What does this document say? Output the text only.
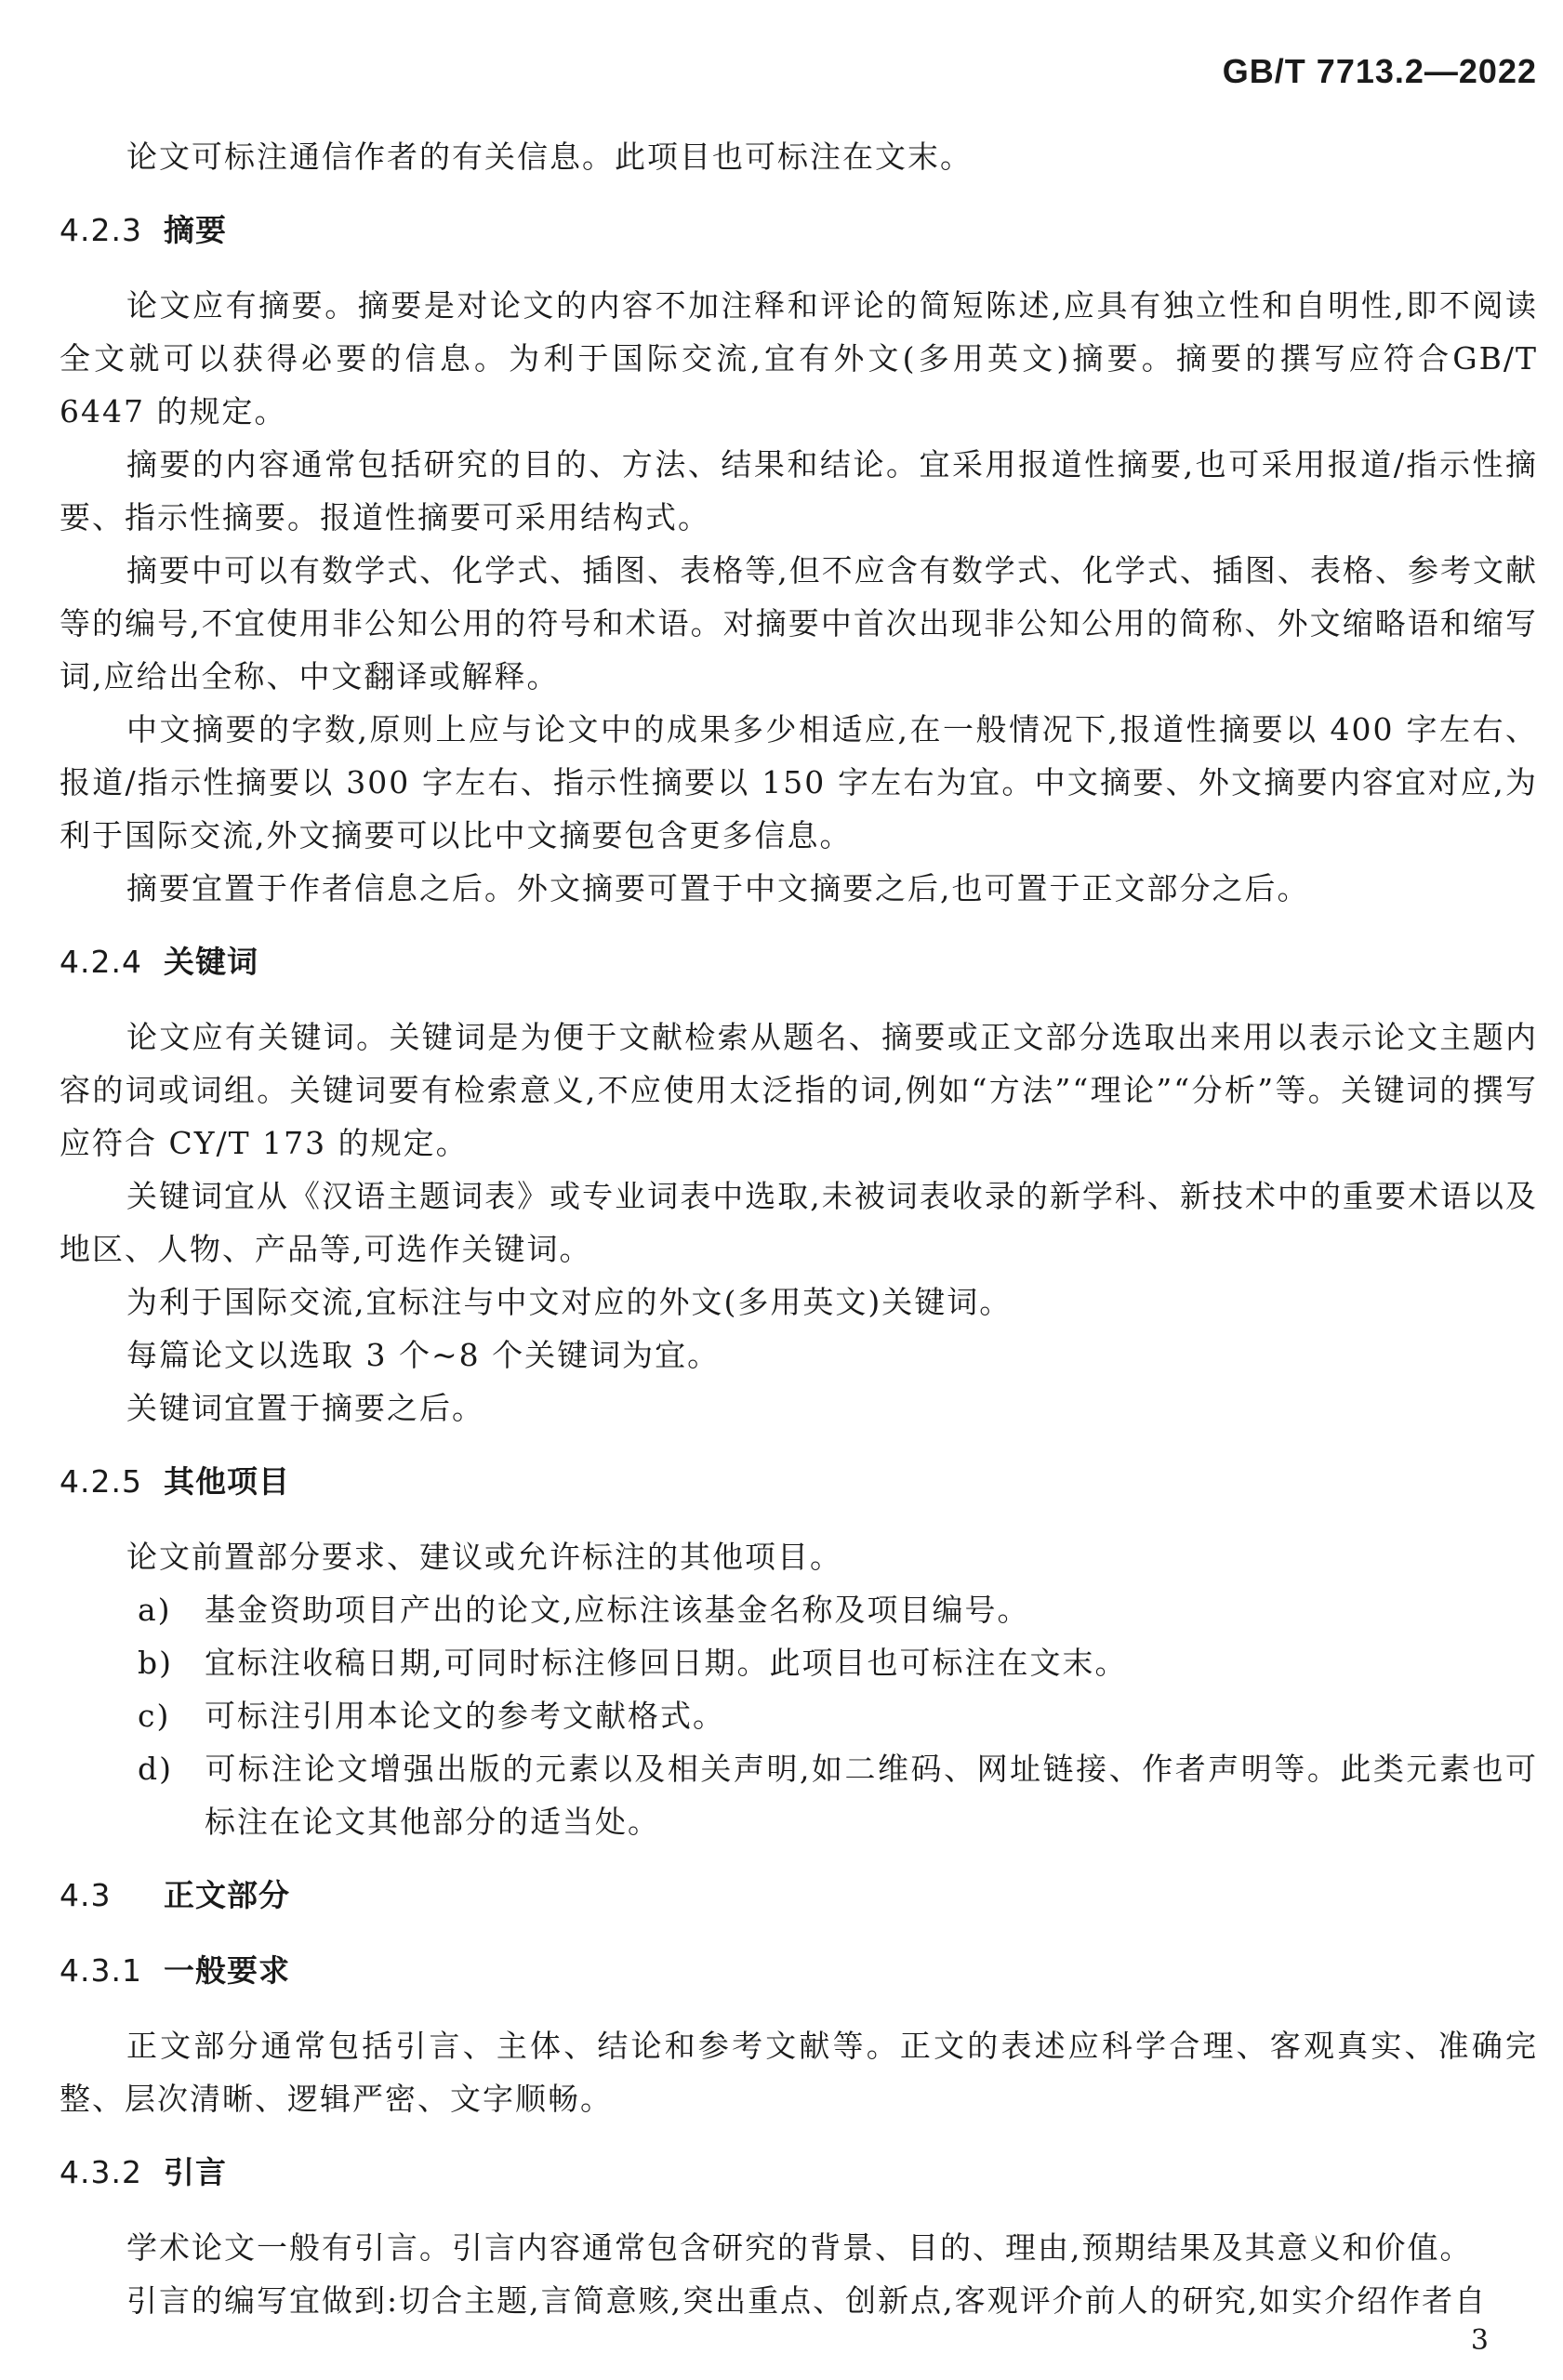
GB/T 7713.2—2022

论文可标注通信作者的有关信息。此项目也可标注在文末。

4.2.3 摘要

论文应有摘要。摘要是对论文的内容不加注释和评论的简短陈述,应具有独立性和自明性,即不阅读全文就可以获得必要的信息。为利于国际交流,宜有外文(多用英文)摘要。摘要的撰写应符合GB/T 6447 的规定。

摘要的内容通常包括研究的目的、方法、结果和结论。宜采用报道性摘要,也可采用报道/指示性摘要、指示性摘要。报道性摘要可采用结构式。

摘要中可以有数学式、化学式、插图、表格等,但不应含有数学式、化学式、插图、表格、参考文献等的编号,不宜使用非公知公用的符号和术语。对摘要中首次出现非公知公用的简称、外文缩略语和缩写词,应给出全称、中文翻译或解释。

中文摘要的字数,原则上应与论文中的成果多少相适应,在一般情况下,报道性摘要以 400 字左右、报道/指示性摘要以 300 字左右、指示性摘要以 150 字左右为宜。中文摘要、外文摘要内容宜对应,为利于国际交流,外文摘要可以比中文摘要包含更多信息。

摘要宜置于作者信息之后。外文摘要可置于中文摘要之后,也可置于正文部分之后。

4.2.4 关键词

论文应有关键词。关键词是为便于文献检索从题名、摘要或正文部分选取出来用以表示论文主题内容的词或词组。关键词要有检索意义,不应使用太泛指的词,例如“方法”“理论”“分析”等。关键词的撰写应符合 CY/T 173 的规定。

关键词宜从《汉语主题词表》或专业词表中选取,未被词表收录的新学科、新技术中的重要术语以及地区、人物、产品等,可选作关键词。

为利于国际交流,宜标注与中文对应的外文(多用英文)关键词。

每篇论文以选取 3 个~8 个关键词为宜。

关键词宜置于摘要之后。

4.2.5 其他项目

论文前置部分要求、建议或允许标注的其他项目。

a) 基金资助项目产出的论文,应标注该基金名称及项目编号。
b) 宜标注收稿日期,可同时标注修回日期。此项目也可标注在文末。
c) 可标注引用本论文的参考文献格式。
d) 可标注论文增强出版的元素以及相关声明,如二维码、网址链接、作者声明等。此类元素也可标注在论文其他部分的适当处。
4.3 正文部分
4.3.1 一般要求

正文部分通常包括引言、主体、结论和参考文献等。正文的表述应科学合理、客观真实、准确完整、层次清晰、逻辑严密、文字顺畅。

4.3.2 引言

学术论文一般有引言。引言内容通常包含研究的背景、目的、理由,预期结果及其意义和价值。

引言的编写宜做到:切合主题,言简意赅,突出重点、创新点,客观评介前人的研究,如实介绍作者自

3
